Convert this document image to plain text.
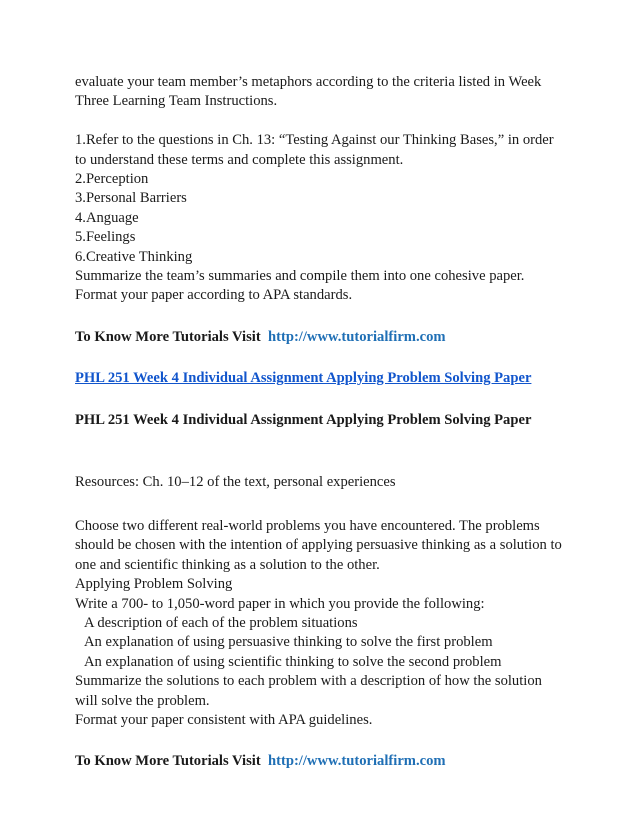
evaluate your team member’s metaphors according to the criteria listed in Week
Three Learning Team Instructions.
1.Refer to the questions in Ch. 13: “Testing Against our Thinking Bases,” in order
to understand these terms and complete this assignment.
2.Perception
3.Personal Barriers
4.Anguage
5.Feelings
6.Creative Thinking
Summarize the team’s summaries and compile them into one cohesive paper.
Format your paper according to APA standards.
To Know More Tutorials Visit http://www.tutorialfirm.com
PHL 251 Week 4 Individual Assignment Applying Problem Solving Paper
PHL 251 Week 4 Individual Assignment Applying Problem Solving Paper
Resources: Ch. 10–12 of the text, personal experiences
Choose two different real-world problems you have encountered. The problems
should be chosen with the intention of applying persuasive thinking as a solution to
one and scientific thinking as a solution to the other.
Applying Problem Solving
Write a 700- to 1,050-word paper in which you provide the following:
A description of each of the problem situations
An explanation of using persuasive thinking to solve the first problem
An explanation of using scientific thinking to solve the second problem
Summarize the solutions to each problem with a description of how the solution
will solve the problem.
Format your paper consistent with APA guidelines.
To Know More Tutorials Visit http://www.tutorialfirm.com
